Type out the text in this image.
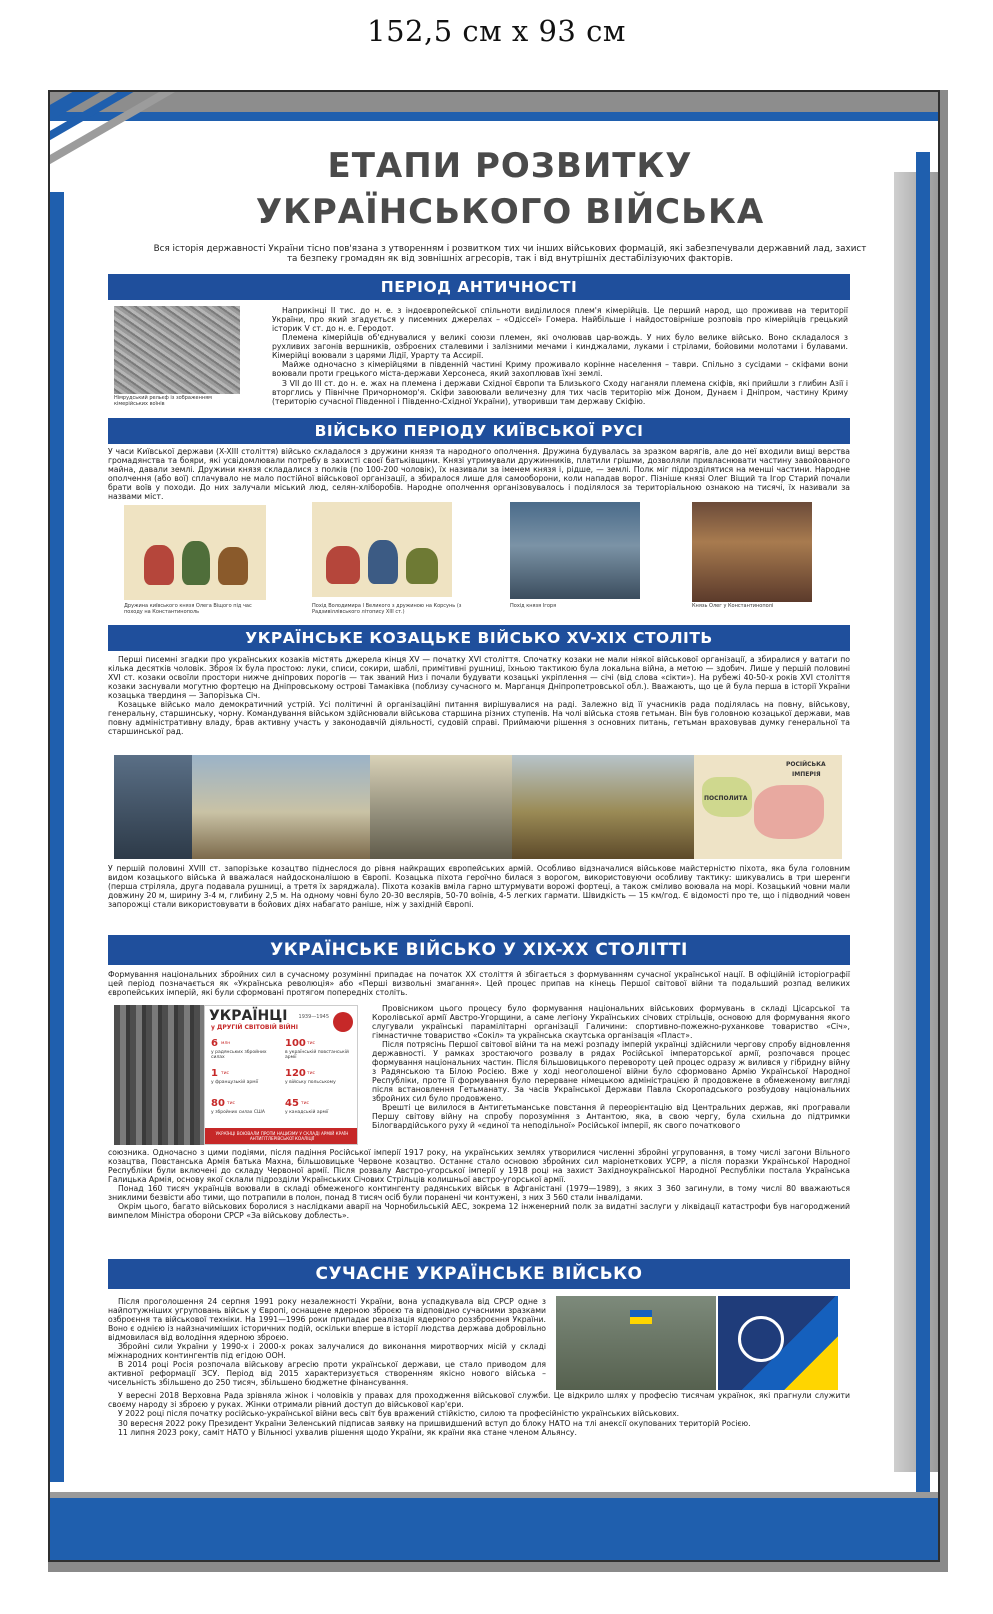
152,5 см х 93 см
ЕТАПИ РОЗВИТКУ
УКРАЇНСЬКОГО ВІЙСЬКА
Вся історія державності України тісно пов'язана з утворенням і розвитком тих чи інших військових формацій, які забезпечували державний лад, захист та безпеку громадян як від зовнішніх агресорів, так і від внутрішніх дестабілізуючих факторів.
ПЕРІОД АНТИЧНОСТІ
Німрудський рельєф із зображенням кімерійських воїнів

Наприкінці II тис. до н. е. з індоєвропейської спільноти виділилося плем'я кімерійців. Це перший народ, що проживав на території України, про який згадується у писемних джерелах – «Одіссеї» Гомера. Найбільше і найдостовірніше розповів про кімерійців грецький історик V ст. до н. е. Геродот.

Племена кімерійців об'єднувалися у великі союзи племен, які очолював цар-вождь. У них було велике військо. Воно складалося з рухливих загонів вершників, озброєних сталевими і залізними мечами і кинджалами, луками і стрілами, бойовими молотами і булавами. Кімерійці воювали з царями Лідії, Урарту та Ассирії.

Майже одночасно з кімерійцями в південній частині Криму проживало корінне населення – таври. Спільно з сусідами – скіфами вони воювали проти грецького міста-держави Херсонеса, який захоплював їхні землі.

З VII до III ст. до н. е. жах на племена і держави Східної Європи та Близького Сходу наганяли племена скіфів, які прийшли з глибин Азії і вторглись у Північне Причорномор'я. Скіфи завоювали величезну для тих часів територію між Доном, Дунаєм і Дніпром, частину Криму (територію сучасної Південної і Південно-Східної України), утворивши там державу Скіфію.

ВІЙСЬКО ПЕРІОДУ КИЇВСЬКОЇ РУСІ
У часи Київської держави (X-XIII століття) військо складалося з дружини князя та народного ополчення. Дружина будувалась за зразком варягів, але до неї входили вищі верства громадянства та бояри, які усвідомлювали потребу в захисті своєї батьківщини. Князі утримували дружинників, платили грішми, дозволяли привласнювати частину завойованого майна, давали землі. Дружини князя складалися з полків (по 100-200 чоловік), їх називали за іменем князя і, рідше, — землі. Полк міг підрозділятися на менші частини. Народне ополчення (або вої) сплачувало не мало постійної військової організації, а збиралося лише для самооборони, коли нападав ворог. Пізніше князі Олег Віщий та Ігор Старий почали брати воїв у походи. До них залучали міський люд, селян-хліборобів. Народне ополчення організовувалось і поділялося за територіальною ознакою на тисячі, їх називали за назвами міст.
Дружина київського князя Олега Віщого під час походу на Константинополь
Похід Володимира I Великого з дружиною на Корсунь (з Радзивіллівського літопису XIII ст.)
Похід князя Ігоря	Князь Олег у Константинополі
УКРАЇНСЬКЕ КОЗАЦЬКЕ ВІЙСЬКО XV-XIX СТОЛІТЬ

Перші писемні згадки про українських козаків містять джерела кінця XV — початку XVI століття. Спочатку козаки не мали ніякої військової організації, а збиралися у ватаги по кілька десятків чоловік. Зброя їх була простою: луки, списи, сокири, шаблі, примітивні рушниці, їхньою тактикою була локальна війна, а метою — здобич. Лише у першій половині XVI ст. козаки освоїли простори нижче дніпрових порогів — так званий Низ і почали будувати козацькі укріплення — січі (від слова «сікти»). На рубежі 40-50-х років XVI століття козаки заснували могутню фортецю на Дніпровському острові Тамаківка (поблизу сучасного м. Марганця Дніпропетровської обл.). Вважають, що це й була перша в історії України козацька твердиня — Запорізька Січ.

Козацьке військо мало демократичний устрій. Усі політичні й організаційні питання вирішувалися на раді. Залежно від її учасників рада поділялась на повну, військову, генеральну, старшинську, чорну. Командування військом здійснювали військова старшина різних ступенів. На чолі війська стояв гетьман. Він був головною козацької держави, мав повну адміністративну владу, брав активну участь у законодавчій діяльності, судовій справі. Приймаючи рішення з основних питань, гетьман враховував думку генеральної та старшинської рад.

ПОСПОЛИТА
РОСІЙСЬКА
ІМПЕРІЯ
У першій половині XVIII ст. запорізьке козацтво піднеслося до рівня найкращих європейських армій. Особливо відзначалися військове майстерністю піхота, яка була головним видом козацького війська й вважалася найдосконалішою в Європі. Козацька піхота героїчно билася з ворогом, використовуючи особливу тактику: шикувались в три шеренги (перша стріляла, друга подавала рушниці, а третя їх заряджала). Піхота козаків вміла гарно штурмувати ворожі фортеці, а також сміливо воювала на морі. Козацький човни мали довжину 20 м, ширину 3-4 м, глибину 2,5 м. На одному човні було 20-30 веслярів, 50-70 воїнів, 4-5 легких гармати. Швидкість — 15 км/год. Є відомості про те, що і підводний човен запорожці стали використовувати в бойових діях набагато раніше, ніж у західній Європі.
УКРАЇНСЬКЕ ВІЙСЬКО У XIX-XX СТОЛІТТІ
Формування національних збройних сил в сучасному розумінні припадає на початок XX століття й збігається з формуванням сучасної української нації. В офіційній історіографії цей період позначається як «Українська революція» або «Перші визвольні змагання». Цей процес припав на кінець Першої світової війни та подальший розпад великих європейських імперій, які були сформовані протягом попередніх століть.
УКРАЇНЦІ
у ДРУГІЙ СВІТОВІЙ ВІЙНІ
1939—1945
6 млн
у радянських збройних силах
100 тис
в українській повстанській армії
1 тис
у французькій армії
120 тис
у війську польському
80 тис
у збройних силах США
45 тис
у канадській армії
УКРАЇНЦІ ВОЮВАЛИ ПРОТИ НАЦИЗМУ У СКЛАДІ АРМІЙ КРАЇН АНТИГІТЛЕРІВСЬКОЇ КОАЛІЦІЇ

Провісником цього процесу було формування національних військових формувань в складі Цісарської та Королівської армії Австро-Угорщини, а саме легіону Українських січових стрільців, основою для формування якого слугували українські парамілітарні організації Галичини: спортивно-пожежно-руханкове товариство «Січ», гімнастичне товариство «Сокіл» та українська скаутська організація «Пласт».

Після потрясінь Першої світової війни та на межі розпаду імперій українці здійснили чергову спробу відновлення державності. У рамках зростаючого розвалу в рядах Російської імператорської армії, розпочався процес формування національних частин. Після більшовицького перевороту цей процес одразу ж вилився у гібридну війну з Радянською та Білою Росією. Вже у ході неоголошеної війни було сформовано Армію Української Народної Республіки, проте її формування було перерване німецькою адміністрацією й продовжене в обмеженому вигляді після встановлення Гетьманату. За часів Української Держави Павла Скоропадського розбудову національних збройних сил було продовжено.

Врешті це вилилося в Антигетьманське повстання й переорієнтацію від Центральних держав, які програвали Першу світову війну на спробу порозуміння з Антантою, яка, в свою чергу, була схильна до підтримки Білогвардійського руху й «єдиної та неподільної» Російської імперії, як свого початкового

союзника. Одночасно з цими подіями, після падіння Російської імперії 1917 року, на українських землях утворилися численні збройні угруповання, в тому числі загони Вільного козацтва, Повстанська Армія батька Махна, більшовицьке Червоне козацтво. Останнє стало основою збройних сил маріонеткових УСРР, а після поразки Української Народної Республіки були включені до складу Червоної армії. Після розвалу Австро-угорської імперії у 1918 році на захист Західноукраїнської Народної Республіки постала Українська Галицька Армія, основу якої склали підрозділи Українських Січових Стрільців колишньої австро-угорської армії.

Понад 160 тисяч українців воювали в складі обмеженого контингенту радянських військ в Афганістані (1979—1989), з яких 3 360 загинули, в тому числі 80 вважаються зниклими безвісти або тими, що потрапили в полон, понад 8 тисяч осіб були поранені чи контужені, з них 3 560 стали інвалідами.

Окрім цього, багато військових боролися з наслідками аварії на Чорнобильській АЕС, зокрема 12 інженерний полк за видатні заслуги у ліквідації катастрофи був нагороджений вимпелом Міністра оборони СРСР «За військову доблесть».

СУЧАСНЕ УКРАЇНСЬКЕ ВІЙСЬКО

Після проголошення 24 серпня 1991 року незалежності України, вона успадкувала від СРСР одне з найпотужніших угруповань військ у Європі, оснащене ядерною зброєю та відповідно сучасними зразками озброєння та військової техніки. На 1991—1996 роки припадає реалізація ядерного роззброєння України. Воно є однією із найзначиміших історичних подій, оскільки вперше в історії людства держава добровільно відмовилася від володіння ядерною зброєю.

Збройні сили України у 1990-х і 2000-х роках залучалися до виконання миротворчих місій у складі міжнародних контингентів під егідою ООН.

В 2014 році Росія розпочала військову агресію проти української держави, це стало приводом для активної реформації ЗСУ. Період від 2015 характеризується створенням якісно нового війська – чисельність збільшено до 250 тисяч, збільшено бюджетне фінансування.

У вересні 2018 Верховна Рада зрівняла жінок і чоловіків у правах для проходження військової служби. Це відкрило шлях у професію тисячам українок, які прагнули служити своєму народу зі зброєю у руках. Жінки отримали рівний доступ до військової кар'єри.

У 2022 році після початку російсько-української війни весь світ був вражений стійкістю, силою та професійністю українських військових.

30 вересня 2022 року Президент України Зеленський підписав заявку на пришвидшений вступ до блоку НАТО на тлі анексії окупованих територій Росією.

11 липня 2023 року, саміт НАТО у Вільнюсі ухвалив рішення щодо України, як країни яка стане членом Альянсу.
